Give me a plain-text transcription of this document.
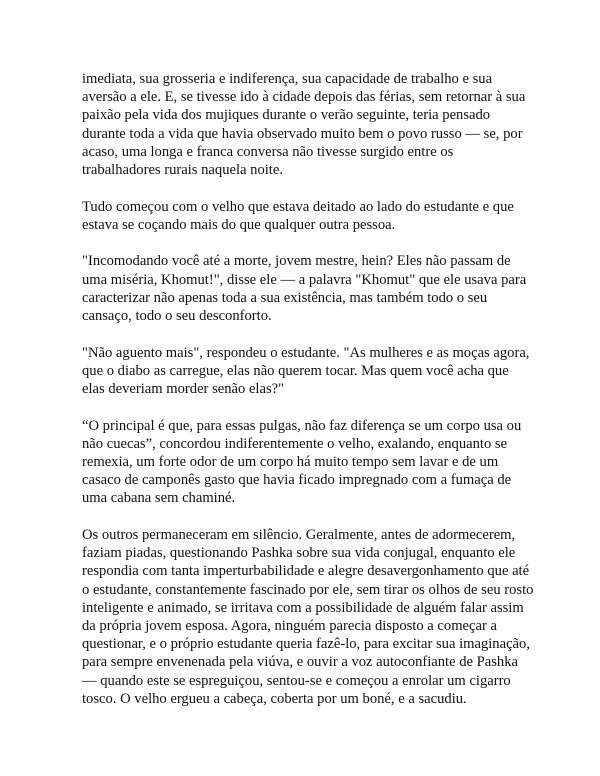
imediata, sua grosseria e indiferença, sua capacidade de trabalho e sua aversão a ele. E, se tivesse ido à cidade depois das férias, sem retornar à sua paixão pela vida dos mujiques durante o verão seguinte, teria pensado durante toda a vida que havia observado muito bem o povo russo — se, por acaso, uma longa e franca conversa não tivesse surgido entre os trabalhadores rurais naquela noite.

Tudo começou com o velho que estava deitado ao lado do estudante e que estava se coçando mais do que qualquer outra pessoa.

"Incomodando você até a morte, jovem mestre, hein? Eles não passam de uma miséria, Khomut!", disse ele — a palavra "Khomut" que ele usava para caracterizar não apenas toda a sua existência, mas também todo o seu cansaço, todo o seu desconforto.

"Não aguento mais", respondeu o estudante. "As mulheres e as moças agora, que o diabo as carregue, elas não querem tocar. Mas quem você acha que elas deveriam morder senão elas?"

“O principal é que, para essas pulgas, não faz diferença se um corpo usa ou não cuecas”, concordou indiferentemente o velho, exalando, enquanto se remexia, um forte odor de um corpo há muito tempo sem lavar e de um casaco de camponês gasto que havia ficado impregnado com a fumaça de uma cabana sem chaminé.

Os outros permaneceram em silêncio. Geralmente, antes de adormecerem, faziam piadas, questionando Pashka sobre sua vida conjugal, enquanto ele respondia com tanta imperturbabilidade e alegre desavergonhamento que até o estudante, constantemente fascinado por ele, sem tirar os olhos de seu rosto inteligente e animado, se irritava com a possibilidade de alguém falar assim da própria jovem esposa. Agora, ninguém parecia disposto a começar a questionar, e o próprio estudante queria fazê-lo, para excitar sua imaginação, para sempre envenenada pela viúva, e ouvir a voz autoconfiante de Pashka — quando este se espreguiçou, sentou-se e começou a enrolar um cigarro tosco. O velho ergueu a cabeça, coberta por um boné, e a sacudiu.
